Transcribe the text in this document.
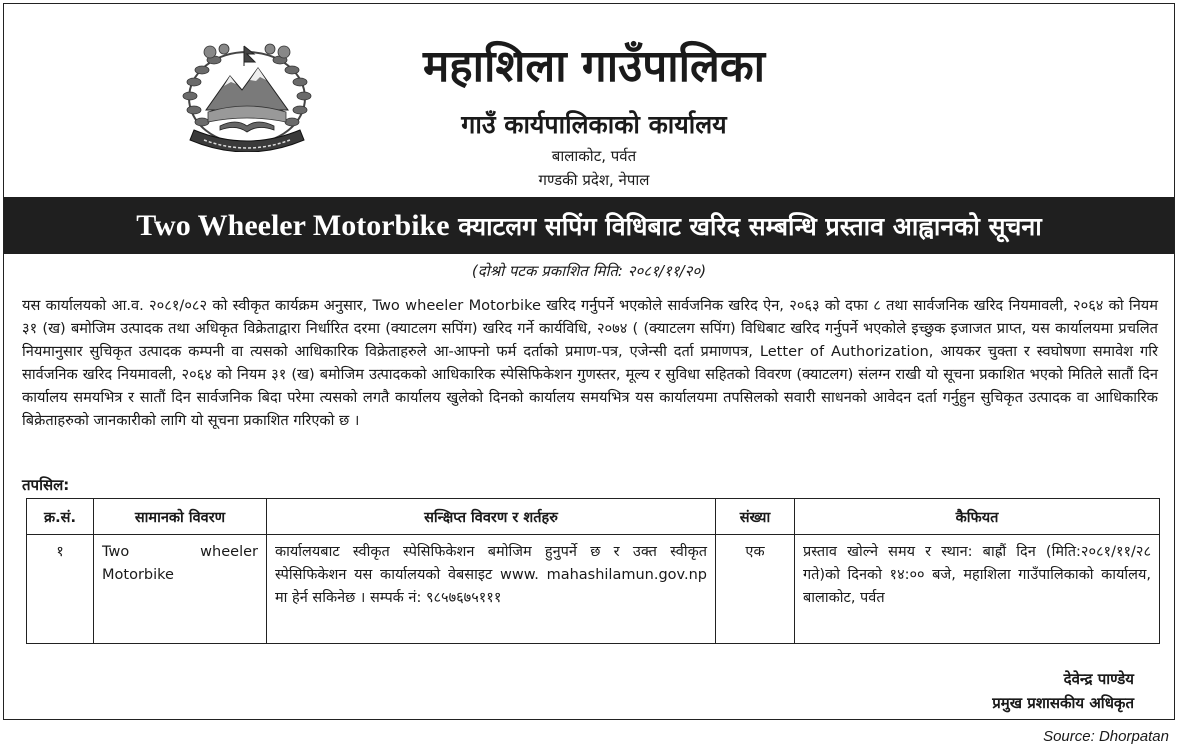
महाशिला गाउँपालिका
गाउँ कार्यपालिकाको कार्यालय
बालाकोट, पर्वत
गण्डकी प्रदेश, नेपाल
Two Wheeler Motorbike क्याटलग सपिंग विधिबाट खरिद सम्बन्धि प्रस्ताव आह्वानको सूचना
(दोश्रो पटक प्रकाशित मिति: २०८१/११/२०)
यस कार्यालयको आ.व. २०८१/०८२ को स्वीकृत कार्यक्रम अनुसार, Two wheeler Motorbike खरिद गर्नुपर्ने भएकोले सार्वजनिक खरिद ऐन, २०६३ को दफा ८ तथा सार्वजनिक खरिद नियमावली, २०६४ को नियम ३१ (ख) बमोजिम उत्पादक तथा अधिकृत विक्रेताद्वारा निर्धारित दरमा (क्याटलग सपिंग) खरिद गर्ने कार्यविधि, २०७४ ( (क्याटलग सपिंग) विधिबाट खरिद गर्नुपर्ने भएकोले इच्छुक इजाजत प्राप्त, यस कार्यालयमा प्रचलित नियमानुसार सुचिकृत उत्पादक कम्पनी वा त्यसको आधिकारिक विक्रेताहरुले आ-आफ्नो फर्म दर्ताको प्रमाण-पत्र, एजेन्सी दर्ता प्रमाणपत्र, Letter of Authorization, आयकर चुक्ता र स्वघोषणा समावेश गरि सार्वजनिक खरिद नियमावली, २०६४ को नियम ३१ (ख) बमोजिम उत्पादकको आधिकारिक स्पेसिफिकेशन गुणस्तर, मूल्य र सुविधा सहितको विवरण (क्याटलग) संलग्न राखी यो सूचना प्रकाशित भएको मितिले सातौं दिन कार्यालय समयभित्र र सातौं दिन सार्वजनिक बिदा परेमा त्यसको लगतै कार्यालय खुलेको दिनको कार्यालय समयभित्र यस कार्यालयमा तपसिलको सवारी साधनको आवेदन दर्ता गर्नुहुन सुचिकृत उत्पादक वा आधिकारिक बिक्रेताहरुको जानकारीको लागि यो सूचना प्रकाशित गरिएको छ ।
तपसिल:
क्र.सं.	सामानको विवरण	सन्क्षिप्त विवरण र शर्तहरु	संख्या	कैफियत
१	Two wheeler Motorbike	कार्यालयबाट स्वीकृत स्पेसिफिकेशन बमोजिम हुनुपर्ने छ र उक्त स्वीकृत स्पेसिफिकेशन यस कार्यालयको वेबसाइट www. mahashilamun.gov.np मा हेर्न सकिनेछ । सम्पर्क नं: ९८५७६७५१११	एक	प्रस्ताव खोल्ने समय र स्थान: बाह्रौं दिन (मिति:२०८१/११/२८ गते)को दिनको १४:०० बजे, महाशिला गाउँपालिकाको कार्यालय, बालाकोट, पर्वत
देवेन्द्र पाण्डेय
प्रमुख प्रशासकीय अधिकृत
Source: Dhorpatan
